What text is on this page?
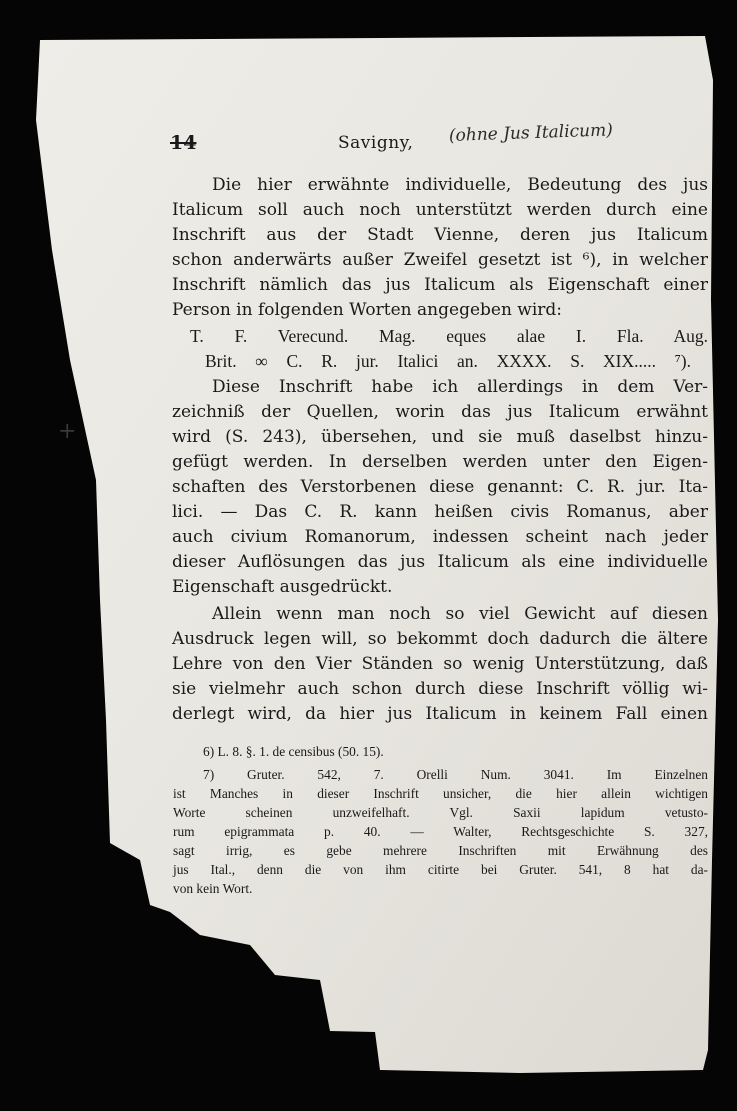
14	Savigny, (ohne Jus Italicum)
+

Die hier erwähnte individuelle, Bedeutung des jus

Italicum soll auch noch unterstützt werden durch eine

Inschrift aus der Stadt Vienne, deren jus Italicum

schon anderwärts außer Zweifel gesetzt ist ⁶), in welcher

Inschrift nämlich das jus Italicum als Eigenschaft einer

Person in folgenden Worten angegeben wird:

T. F. Verecund. Mag. eques alae I. Fla. Aug.

Brit. ∞ C. R. jur. Italici an. XXXX. S. XIX..... ⁷).

Diese Inschrift habe ich allerdings in dem Ver-

zeichniß der Quellen, worin das jus Italicum erwähnt

wird (S. 243), übersehen, und sie muß daselbst hinzu-

gefügt werden. In derselben werden unter den Eigen-

schaften des Verstorbenen diese genannt: C. R. jur. Ita-

lici. — Das C. R. kann heißen civis Romanus, aber

auch civium Romanorum, indessen scheint nach jeder

dieser Auflösungen das jus Italicum als eine individuelle

Eigenschaft ausgedrückt.

Allein wenn man noch so viel Gewicht auf diesen

Ausdruck legen will, so bekommt doch dadurch die ältere

Lehre von den Vier Ständen so wenig Unterstützung, daß

sie vielmehr auch schon durch diese Inschrift völlig wi-

derlegt wird, da hier jus Italicum in keinem Fall einen

6) L. 8. §. 1. de censibus (50. 15).

7) Gruter. 542, 7. Orelli Num. 3041. Im Einzelnen

ist Manches in dieser Inschrift unsicher, die hier allein wichtigen

Worte scheinen unzweifelhaft. Vgl. Saxii lapidum vetusto-

rum epigrammata p. 40. — Walter, Rechtsgeschichte S. 327,

sagt irrig, es gebe mehrere Inschriften mit Erwähnung des

jus Ital., denn die von ihm citirte bei Gruter. 541, 8 hat da-

von kein Wort.
